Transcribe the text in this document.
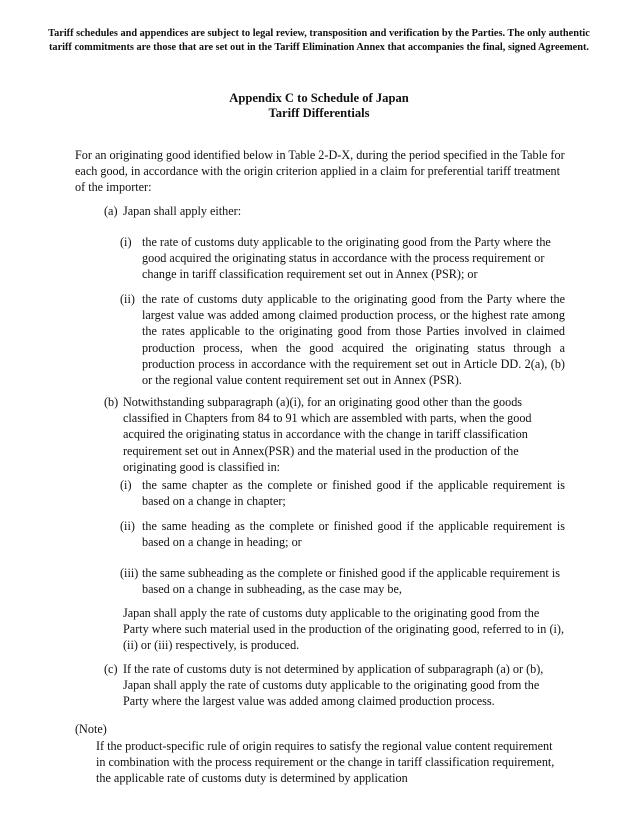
Tariff schedules and appendices are subject to legal review, transposition and verification by the Parties. The only authentic tariff commitments are those that are set out in the Tariff Elimination Annex that accompanies the final, signed Agreement.
Appendix C to Schedule of Japan
Tariff Differentials

For an originating good identified below in Table 2-D-X, during the period specified in the Table for each good, in accordance with the origin criterion applied in a claim for preferential tariff treatment of the importer:

(a) Japan shall apply either:
(i) the rate of customs duty applicable to the originating good from the Party where the good acquired the originating status in accordance with the process requirement or change in tariff classification requirement set out in Annex (PSR); or
(ii) the rate of customs duty applicable to the originating good from the Party where the largest value was added among claimed production process, or the highest rate among the rates applicable to the originating good from those Parties involved in claimed production process, when the good acquired the originating status through a production process in accordance with the requirement set out in Article DD. 2(a), (b) or the regional value content requirement set out in Annex (PSR).
(b) Notwithstanding subparagraph (a)(i), for an originating good other than the goods classified in Chapters from 84 to 91 which are assembled with parts, when the good acquired the originating status in accordance with the change in tariff classification requirement set out in Annex(PSR) and the material used in the production of the originating good is classified in:
(i) the same chapter as the complete or finished good if the applicable requirement is based on a change in chapter;
(ii) the same heading as the complete or finished good if the applicable requirement is based on a change in heading; or
(iii) the same subheading as the complete or finished good if the applicable requirement is based on a change in subheading, as the case may be,

Japan shall apply the rate of customs duty applicable to the originating good from the Party where such material used in the production of the originating good, referred to in (i), (ii) or (iii) respectively, is produced.

(c) If the rate of customs duty is not determined by application of subparagraph (a) or (b), Japan shall apply the rate of customs duty applicable to the originating good from the Party where the largest value was added among claimed production process.
(Note)

If the product-specific rule of origin requires to satisfy the regional value content requirement in combination with the process requirement or the change in tariff classification requirement, the applicable rate of customs duty is determined by application
